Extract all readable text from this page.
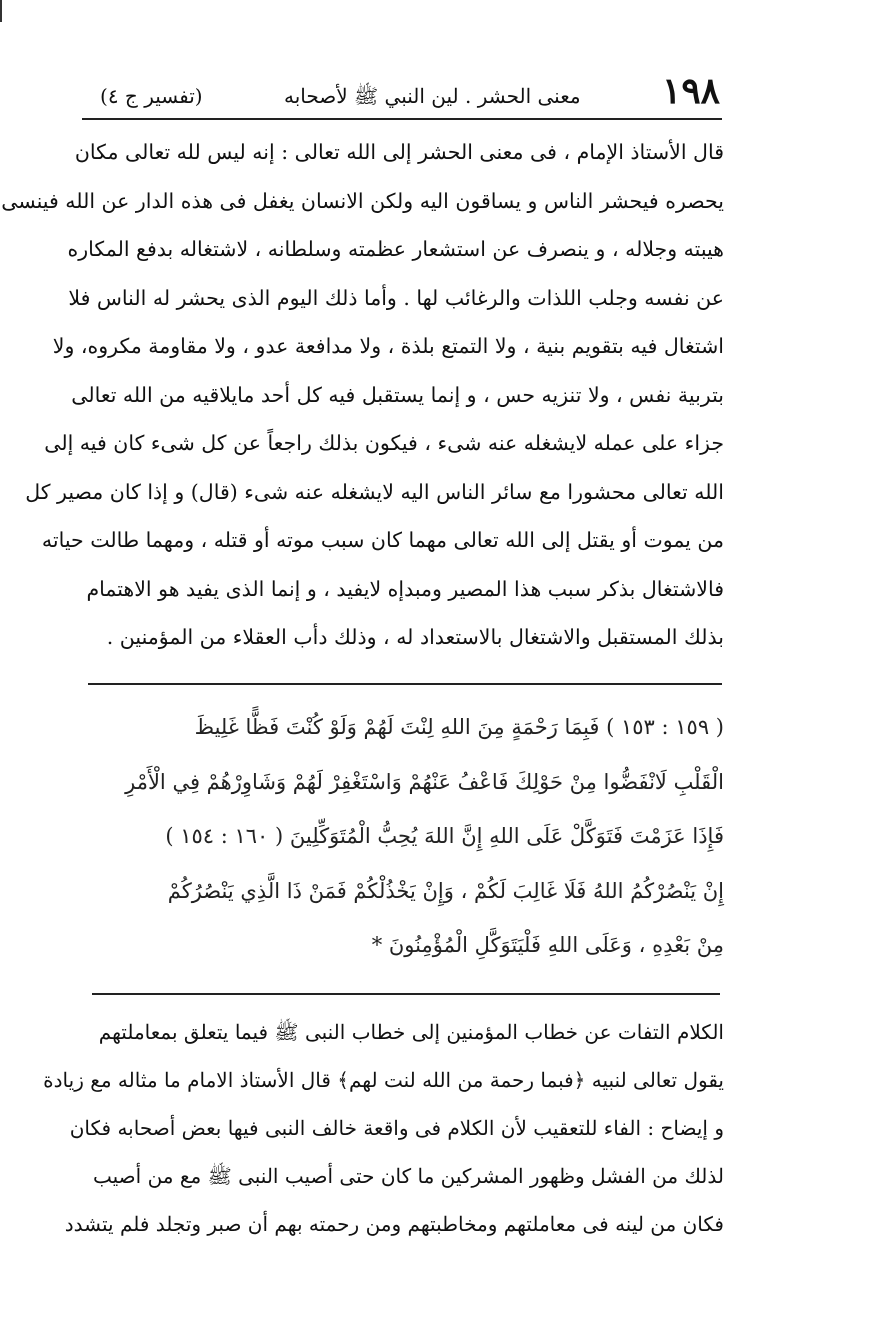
١٩٨
معنى الحشر . لين النبي ﷺ لأصحابه
(تفسير ج ٤)
قال الأستاذ الإمام ، فى معنى الحشر إلى الله تعالى : إنه ليس لله تعالى مكان
يحصره فيحشر الناس و يساقون اليه ولكن الانسان يغفل فى هذه الدار عن الله فينسى
هيبته وجلاله ، و ينصرف عن استشعار عظمته وسلطانه ، لاشتغاله بدفع المكاره
عن نفسه وجلب اللذات والرغائب لها . وأما ذلك اليوم الذى يحشر له الناس فلا
اشتغال فيه بتقويم بنية ، ولا التمتع بلذة ، ولا مدافعة عدو ، ولا مقاومة مكروه، ولا
بتربية نفس ، ولا تنزيه حس ، و إنما يستقبل فيه كل أحد مايلاقيه من الله تعالى
جزاء على عمله لايشغله عنه شىء ، فيكون بذلك راجعاً عن كل شىء كان فيه إلى
الله تعالى محشورا مع سائر الناس اليه لايشغله عنه شىء (قال) و إذا كان مصير كل
من يموت أو يقتل إلى الله تعالى مهما كان سبب موته أو قتله ، ومهما طالت حياته
فالاشتغال بذكر سبب هذا المصير ومبدإه لايفيد ، و إنما الذى يفيد هو الاهتمام
بذلك المستقبل والاشتغال بالاستعداد له ، وذلك دأب العقلاء من المؤمنين .
( ١٥٩ : ١٥٣ ) فَبِمَا رَحْمَةٍ مِنَ اللهِ لِنْتَ لَهُمْ وَلَوْ كُنْتَ فَظًّا غَلِيظَ
الْقَلْبِ لَانْفَضُّوا مِنْ حَوْلِكَ فَاعْفُ عَنْهُمْ وَاسْتَغْفِرْ لَهُمْ وَشَاوِرْهُمْ فِي الْأَمْرِ
فَإِذَا عَزَمْتَ فَتَوَكَّلْ عَلَى اللهِ إِنَّ اللهَ يُحِبُّ الْمُتَوَكِّلِينَ ( ١٦٠ : ١٥٤ )
إِنْ يَنْصُرْكُمُ اللهُ فَلَا غَالِبَ لَكُمْ ، وَإِنْ يَخْذُلْكُمْ فَمَنْ ذَا الَّذِي يَنْصُرُكُمْ
مِنْ بَعْدِهِ ، وَعَلَى اللهِ فَلْيَتَوَكَّلِ الْمُؤْمِنُونَ *
الكلام التفات عن خطاب المؤمنين إلى خطاب النبى ﷺ فيما يتعلق بمعاملتهم
يقول تعالى لنبيه ﴿فبما رحمة من الله لنت لهم﴾ قال الأستاذ الامام ما مثاله مع زيادة
و إيضاح : الفاء للتعقيب لأن الكلام فى واقعة خالف النبى فيها بعض أصحابه فكان
لذلك من الفشل وظهور المشركين ما كان حتى أصيب النبى ﷺ مع من أصيب
فكان من لينه فى معاملتهم ومخاطبتهم ومن رحمته بهم أن صبر وتجلد فلم يتشدد
